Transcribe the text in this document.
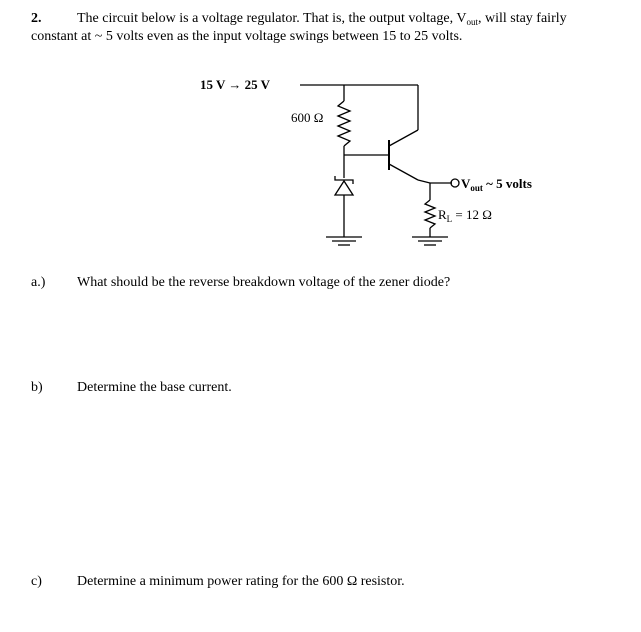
2.	The circuit below is a voltage regulator. That is, the output voltage, $V_{out}$, will stay fairly
constant at ~ 5 volts even as the input voltage swings between 15 to 25 volts.
15 V → 25 V
600 Ω
$V_{out}$ ~ 5 volts
$R_L = 12$ Ω
a.) What should be the reverse breakdown voltage of the zener diode?
b) Determine the base current.
c)	Determine a minimum power rating for the 600 Ω resistor.
